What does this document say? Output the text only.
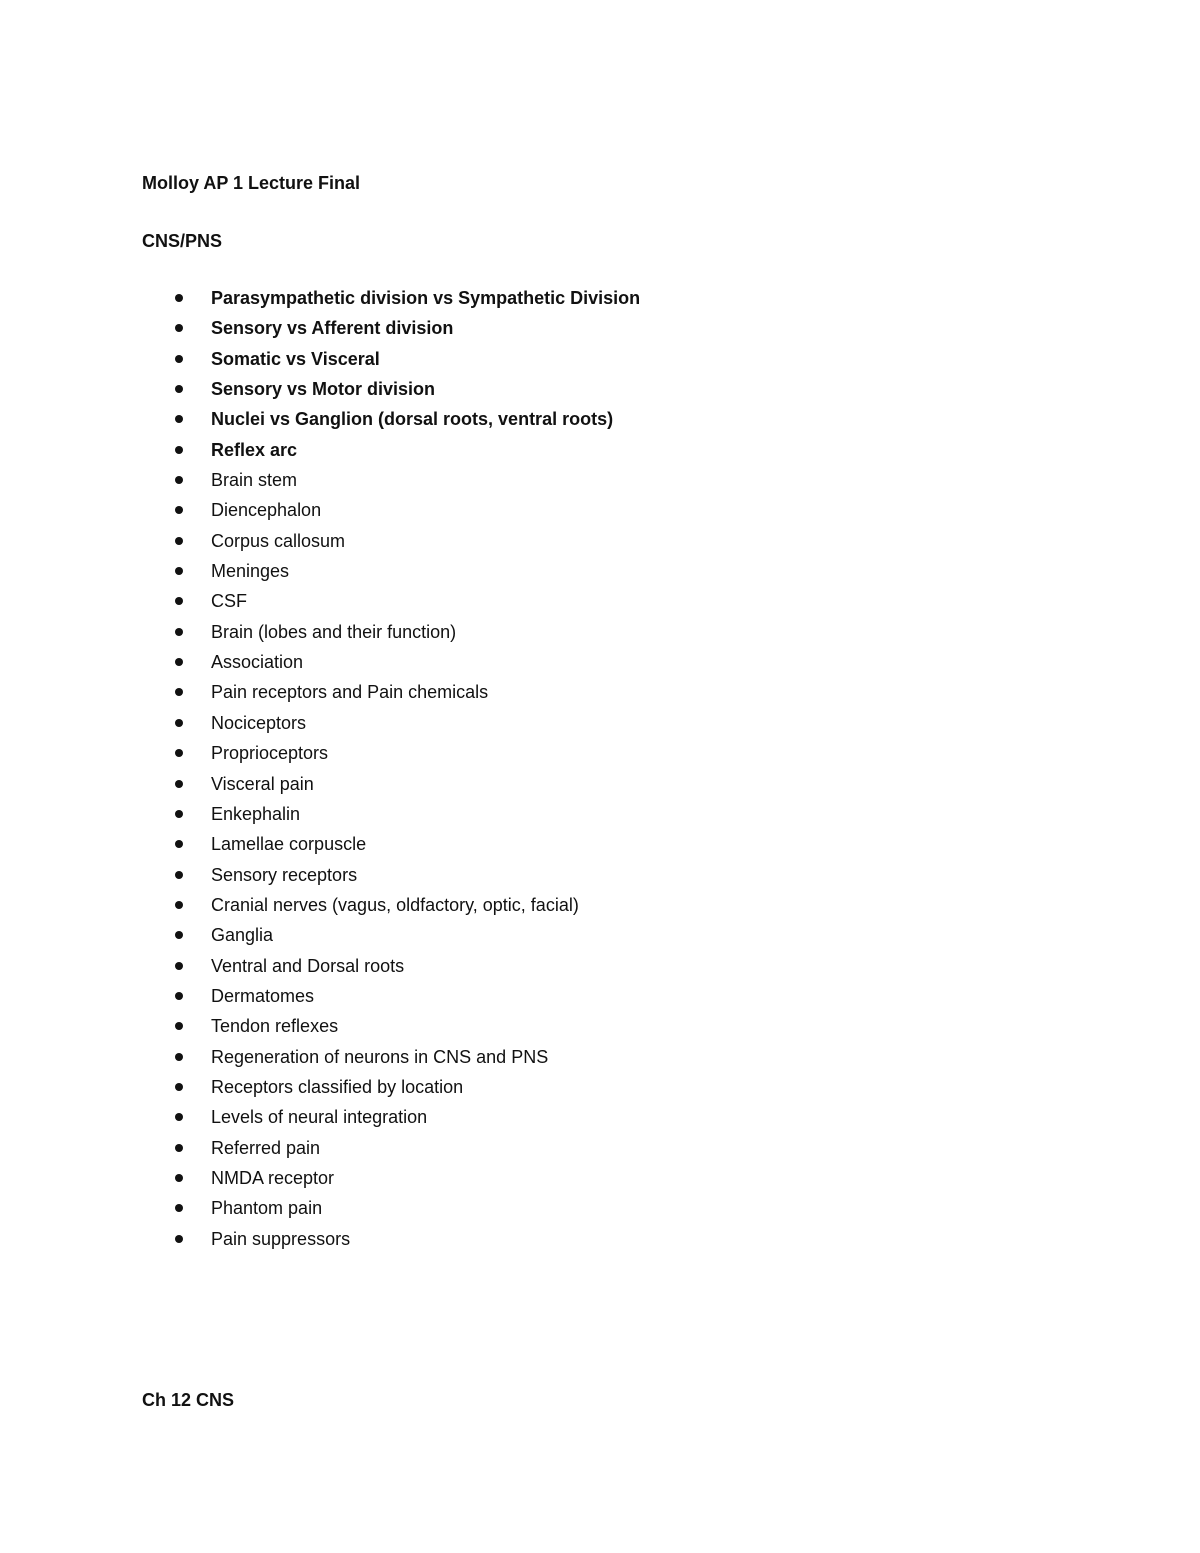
Molloy AP 1 Lecture Final
CNS/PNS
Parasympathetic division vs Sympathetic Division
Sensory vs Afferent division
Somatic vs Visceral
Sensory vs Motor division
Nuclei vs Ganglion (dorsal roots, ventral roots)
Reflex arc
Brain stem
Diencephalon
Corpus callosum
Meninges
CSF
Brain (lobes and their function)
Association
Pain receptors and Pain chemicals
Nociceptors
Proprioceptors
Visceral pain
Enkephalin
Lamellae corpuscle
Sensory receptors
Cranial nerves (vagus, oldfactory, optic, facial)
Ganglia
Ventral and Dorsal roots
Dermatomes
Tendon reflexes
Regeneration of neurons in CNS and PNS
Receptors classified by location
Levels of neural integration
Referred pain
NMDA receptor
Phantom pain
Pain suppressors
Ch 12 CNS
